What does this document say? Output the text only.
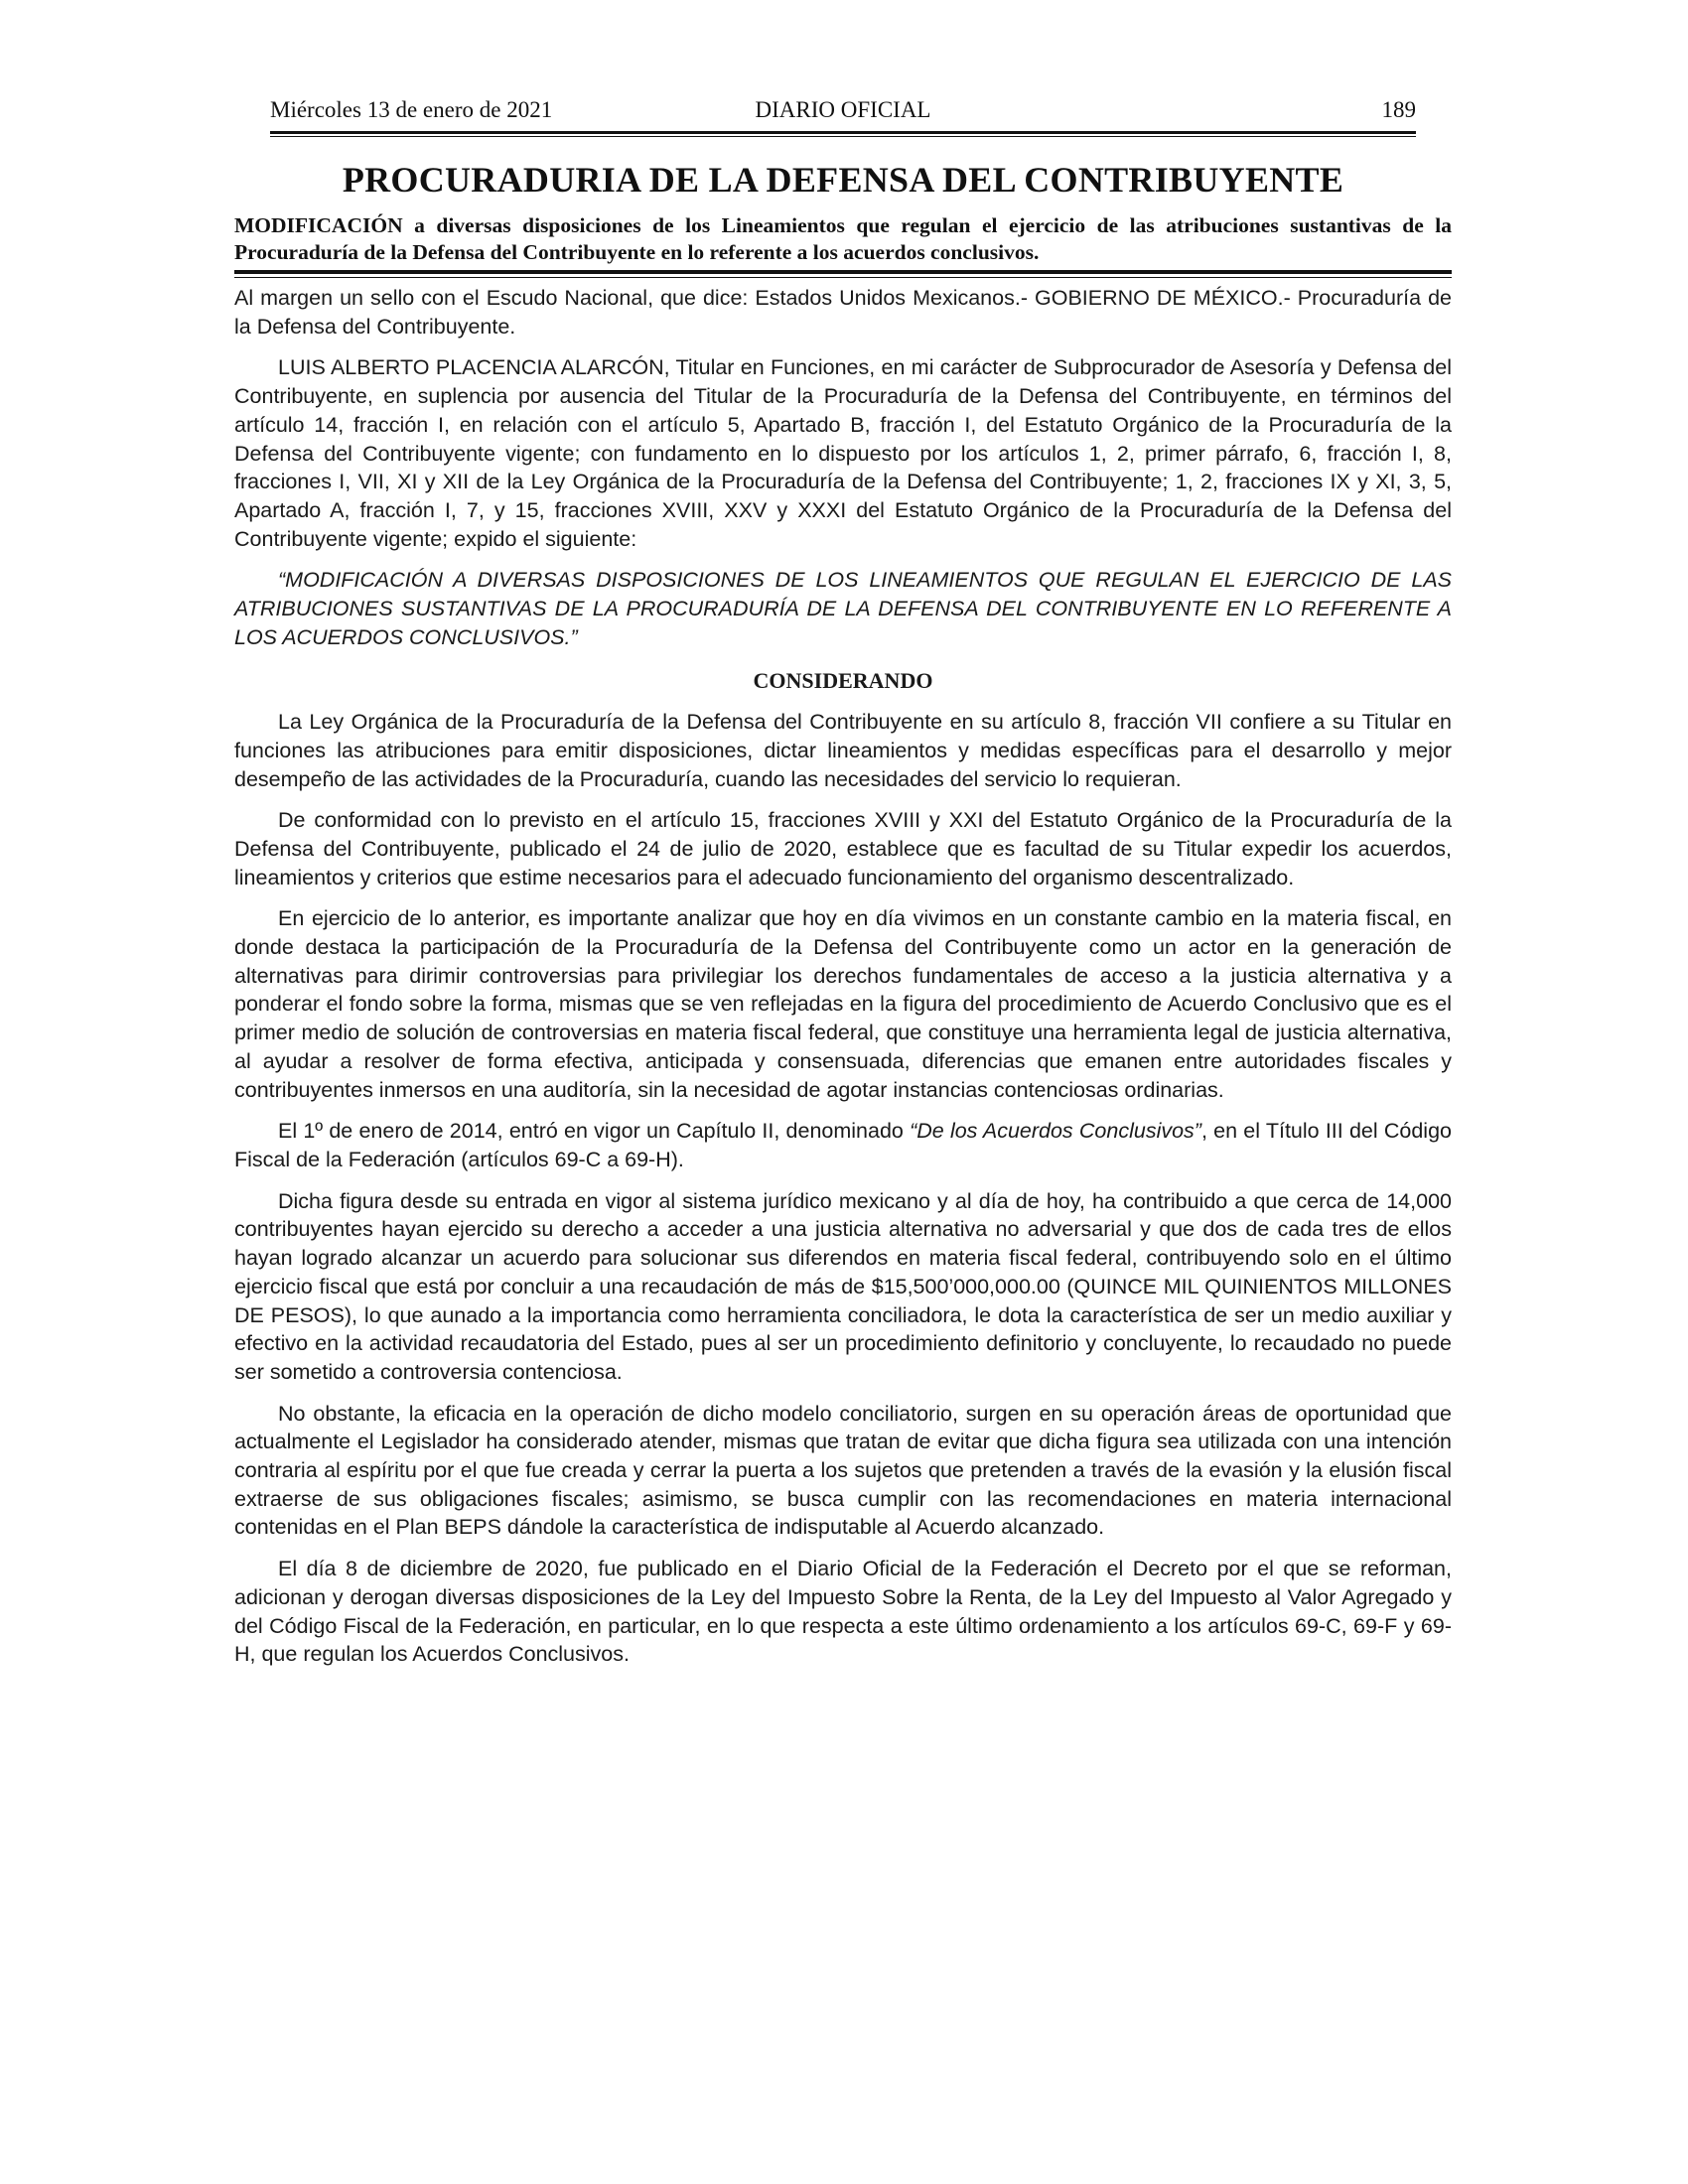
Miércoles 13 de enero de 2021	DIARIO OFICIAL	189
PROCURADURIA DE LA DEFENSA DEL CONTRIBUYENTE
MODIFICACIÓN a diversas disposiciones de los Lineamientos que regulan el ejercicio de las atribuciones sustantivas de la Procuraduría de la Defensa del Contribuyente en lo referente a los acuerdos conclusivos.

Al margen un sello con el Escudo Nacional, que dice: Estados Unidos Mexicanos.- GOBIERNO DE MÉXICO.- Procuraduría de la Defensa del Contribuyente.

LUIS ALBERTO PLACENCIA ALARCÓN, Titular en Funciones, en mi carácter de Subprocurador de Asesoría y Defensa del Contribuyente, en suplencia por ausencia del Titular de la Procuraduría de la Defensa del Contribuyente, en términos del artículo 14, fracción I, en relación con el artículo 5, Apartado B, fracción I, del Estatuto Orgánico de la Procuraduría de la Defensa del Contribuyente vigente; con fundamento en lo dispuesto por los artículos 1, 2, primer párrafo, 6, fracción I, 8, fracciones I, VII, XI y XII de la Ley Orgánica de la Procuraduría de la Defensa del Contribuyente; 1, 2, fracciones IX y XI, 3, 5, Apartado A, fracción I, 7, y 15, fracciones XVIII, XXV y XXXI del Estatuto Orgánico de la Procuraduría de la Defensa del Contribuyente vigente; expido el siguiente:

“MODIFICACIÓN A DIVERSAS DISPOSICIONES DE LOS LINEAMIENTOS QUE REGULAN EL EJERCICIO DE LAS ATRIBUCIONES SUSTANTIVAS DE LA PROCURADURÍA DE LA DEFENSA DEL CONTRIBUYENTE EN LO REFERENTE A LOS ACUERDOS CONCLUSIVOS.”

CONSIDERANDO

La Ley Orgánica de la Procuraduría de la Defensa del Contribuyente en su artículo 8, fracción VII confiere a su Titular en funciones las atribuciones para emitir disposiciones, dictar lineamientos y medidas específicas para el desarrollo y mejor desempeño de las actividades de la Procuraduría, cuando las necesidades del servicio lo requieran.

De conformidad con lo previsto en el artículo 15, fracciones XVIII y XXI del Estatuto Orgánico de la Procuraduría de la Defensa del Contribuyente, publicado el 24 de julio de 2020, establece que es facultad de su Titular expedir los acuerdos, lineamientos y criterios que estime necesarios para el adecuado funcionamiento del organismo descentralizado.

En ejercicio de lo anterior, es importante analizar que hoy en día vivimos en un constante cambio en la materia fiscal, en donde destaca la participación de la Procuraduría de la Defensa del Contribuyente como un actor en la generación de alternativas para dirimir controversias para privilegiar los derechos fundamentales de acceso a la justicia alternativa y a ponderar el fondo sobre la forma, mismas que se ven reflejadas en la figura del procedimiento de Acuerdo Conclusivo que es el primer medio de solución de controversias en materia fiscal federal, que constituye una herramienta legal de justicia alternativa, al ayudar a resolver de forma efectiva, anticipada y consensuada, diferencias que emanen entre autoridades fiscales y contribuyentes inmersos en una auditoría, sin la necesidad de agotar instancias contenciosas ordinarias.

El 1º de enero de 2014, entró en vigor un Capítulo II, denominado “De los Acuerdos Conclusivos”, en el Título III del Código Fiscal de la Federación (artículos 69-C a 69-H).

Dicha figura desde su entrada en vigor al sistema jurídico mexicano y al día de hoy, ha contribuido a que cerca de 14,000 contribuyentes hayan ejercido su derecho a acceder a una justicia alternativa no adversarial y que dos de cada tres de ellos hayan logrado alcanzar un acuerdo para solucionar sus diferendos en materia fiscal federal, contribuyendo solo en el último ejercicio fiscal que está por concluir a una recaudación de más de $15,500’000,000.00 (QUINCE MIL QUINIENTOS MILLONES DE PESOS), lo que aunado a la importancia como herramienta conciliadora, le dota la característica de ser un medio auxiliar y efectivo en la actividad recaudatoria del Estado, pues al ser un procedimiento definitorio y concluyente, lo recaudado no puede ser sometido a controversia contenciosa.

No obstante, la eficacia en la operación de dicho modelo conciliatorio, surgen en su operación áreas de oportunidad que actualmente el Legislador ha considerado atender, mismas que tratan de evitar que dicha figura sea utilizada con una intención contraria al espíritu por el que fue creada y cerrar la puerta a los sujetos que pretenden a través de la evasión y la elusión fiscal extraerse de sus obligaciones fiscales; asimismo, se busca cumplir con las recomendaciones en materia internacional contenidas en el Plan BEPS dándole la característica de indisputable al Acuerdo alcanzado.

El día 8 de diciembre de 2020, fue publicado en el Diario Oficial de la Federación el Decreto por el que se reforman, adicionan y derogan diversas disposiciones de la Ley del Impuesto Sobre la Renta, de la Ley del Impuesto al Valor Agregado y del Código Fiscal de la Federación, en particular, en lo que respecta a este último ordenamiento a los artículos 69-C, 69-F y 69-H, que regulan los Acuerdos Conclusivos.
